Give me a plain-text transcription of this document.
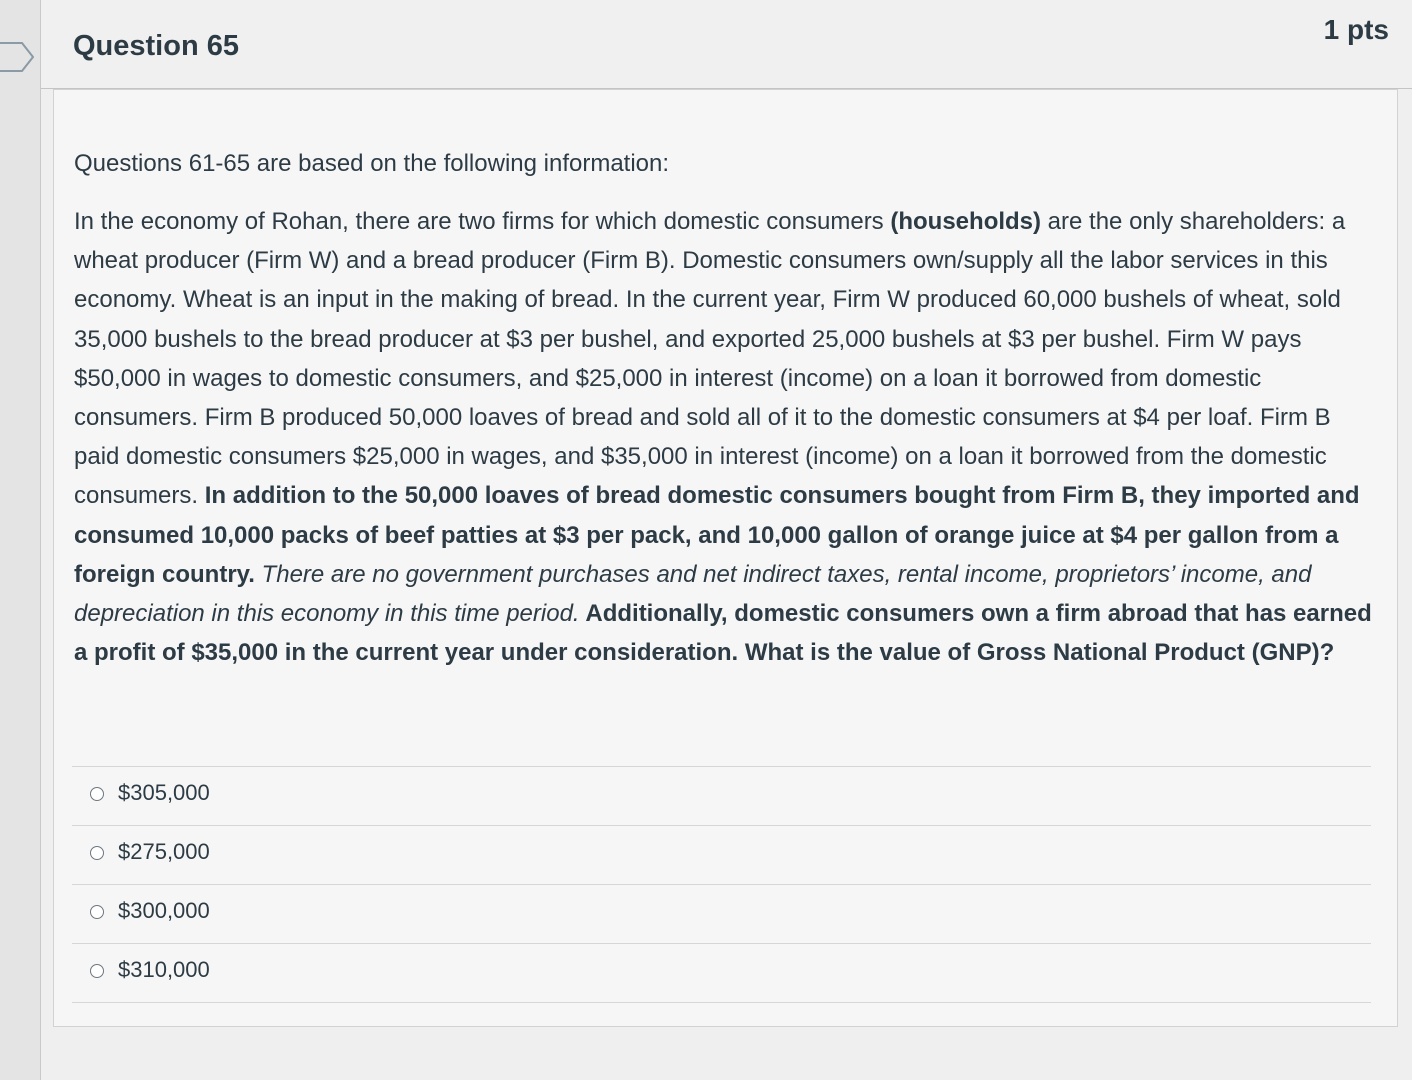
Question 65
1 pts

Questions 61-65 are based on the following information:

In the economy of Rohan, there are two firms for which domestic consumers (households) are the only shareholders: a wheat producer (Firm W) and a bread producer (Firm B). Domestic consumers own/supply all the labor services in this economy. Wheat is an input in the making of bread. In the current year, Firm W produced 60,000 bushels of wheat, sold 35,000 bushels to the bread producer at $3 per bushel, and exported 25,000 bushels at $3 per bushel. Firm W pays $50,000 in wages to domestic consumers, and $25,000 in interest (income) on a loan it borrowed from domestic consumers. Firm B produced 50,000 loaves of bread and sold all of it to the domestic consumers at $4 per loaf. Firm B paid domestic consumers $25,000 in wages, and $35,000 in interest (income) on a loan it borrowed from the domestic consumers. In addition to the 50,000 loaves of bread domestic consumers bought from Firm B, they imported and consumed 10,000 packs of beef patties at $3 per pack, and 10,000 gallon of orange juice at $4 per gallon from a foreign country. There are no government purchases and net indirect taxes, rental income, proprietors’ income, and depreciation in this economy in this time period. Additionally, domestic consumers own a firm abroad that has earned a profit of $35,000 in the current year under consideration. What is the value of Gross National Product (GNP)?

$305,000
$275,000
$300,000
$310,000
